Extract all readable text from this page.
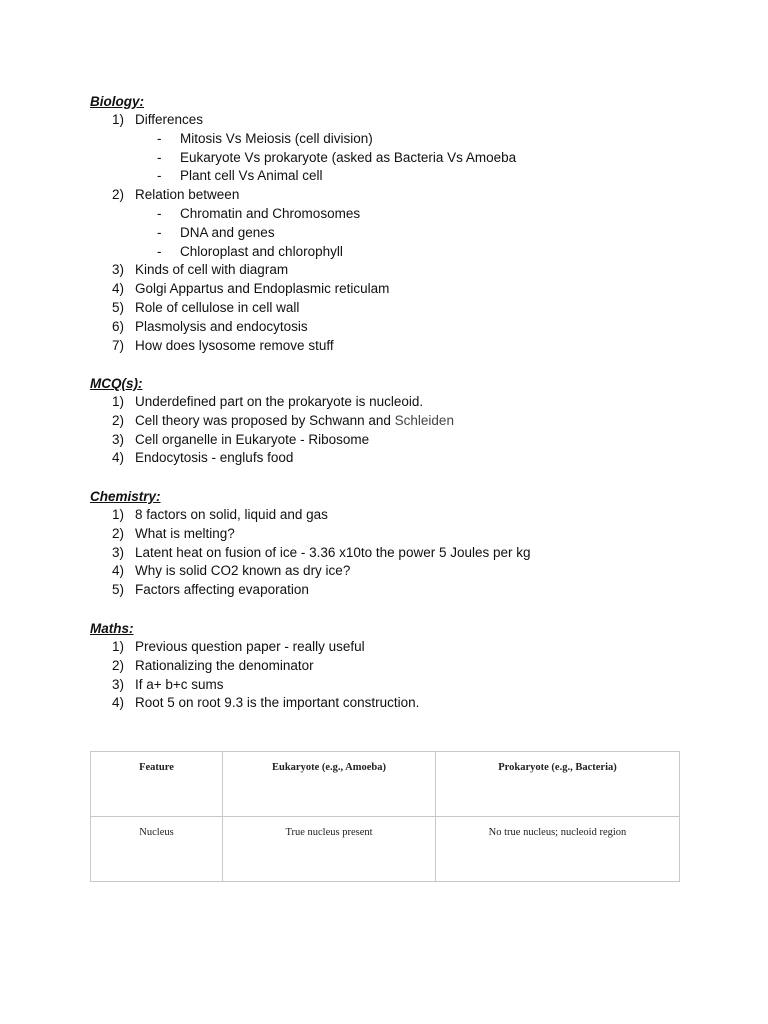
Biology:
1) Differences
- Mitosis Vs Meiosis (cell division)
- Eukaryote Vs prokaryote (asked as Bacteria Vs Amoeba
- Plant cell Vs Animal cell
2) Relation between
- Chromatin and Chromosomes
- DNA and genes
- Chloroplast and chlorophyll
3) Kinds of cell with diagram
4) Golgi Appartus and Endoplasmic reticulam
5) Role of cellulose in cell wall
6) Plasmolysis and endocytosis
7) How does lysosome remove stuff
MCQ(s):
1) Underdefined part on the prokaryote is nucleoid.
2) Cell theory was proposed by Schwann and Schleiden
3) Cell organelle in Eukaryote - Ribosome
4) Endocytosis - englufs food
Chemistry:
1) 8 factors on solid, liquid and gas
2) What is melting?
3) Latent heat on fusion of ice - 3.36 x10to the power 5 Joules per kg
4) Why is solid CO2 known as dry ice?
5) Factors affecting evaporation
Maths:
1) Previous question paper - really useful
2) Rationalizing the denominator
3) If a+ b+c sums
4) Root 5 on root 9.3 is the important construction.
Feature	Eukaryote (e.g., Amoeba)	Prokaryote (e.g., Bacteria)
Nucleus	True nucleus present	No true nucleus; nucleoid region
